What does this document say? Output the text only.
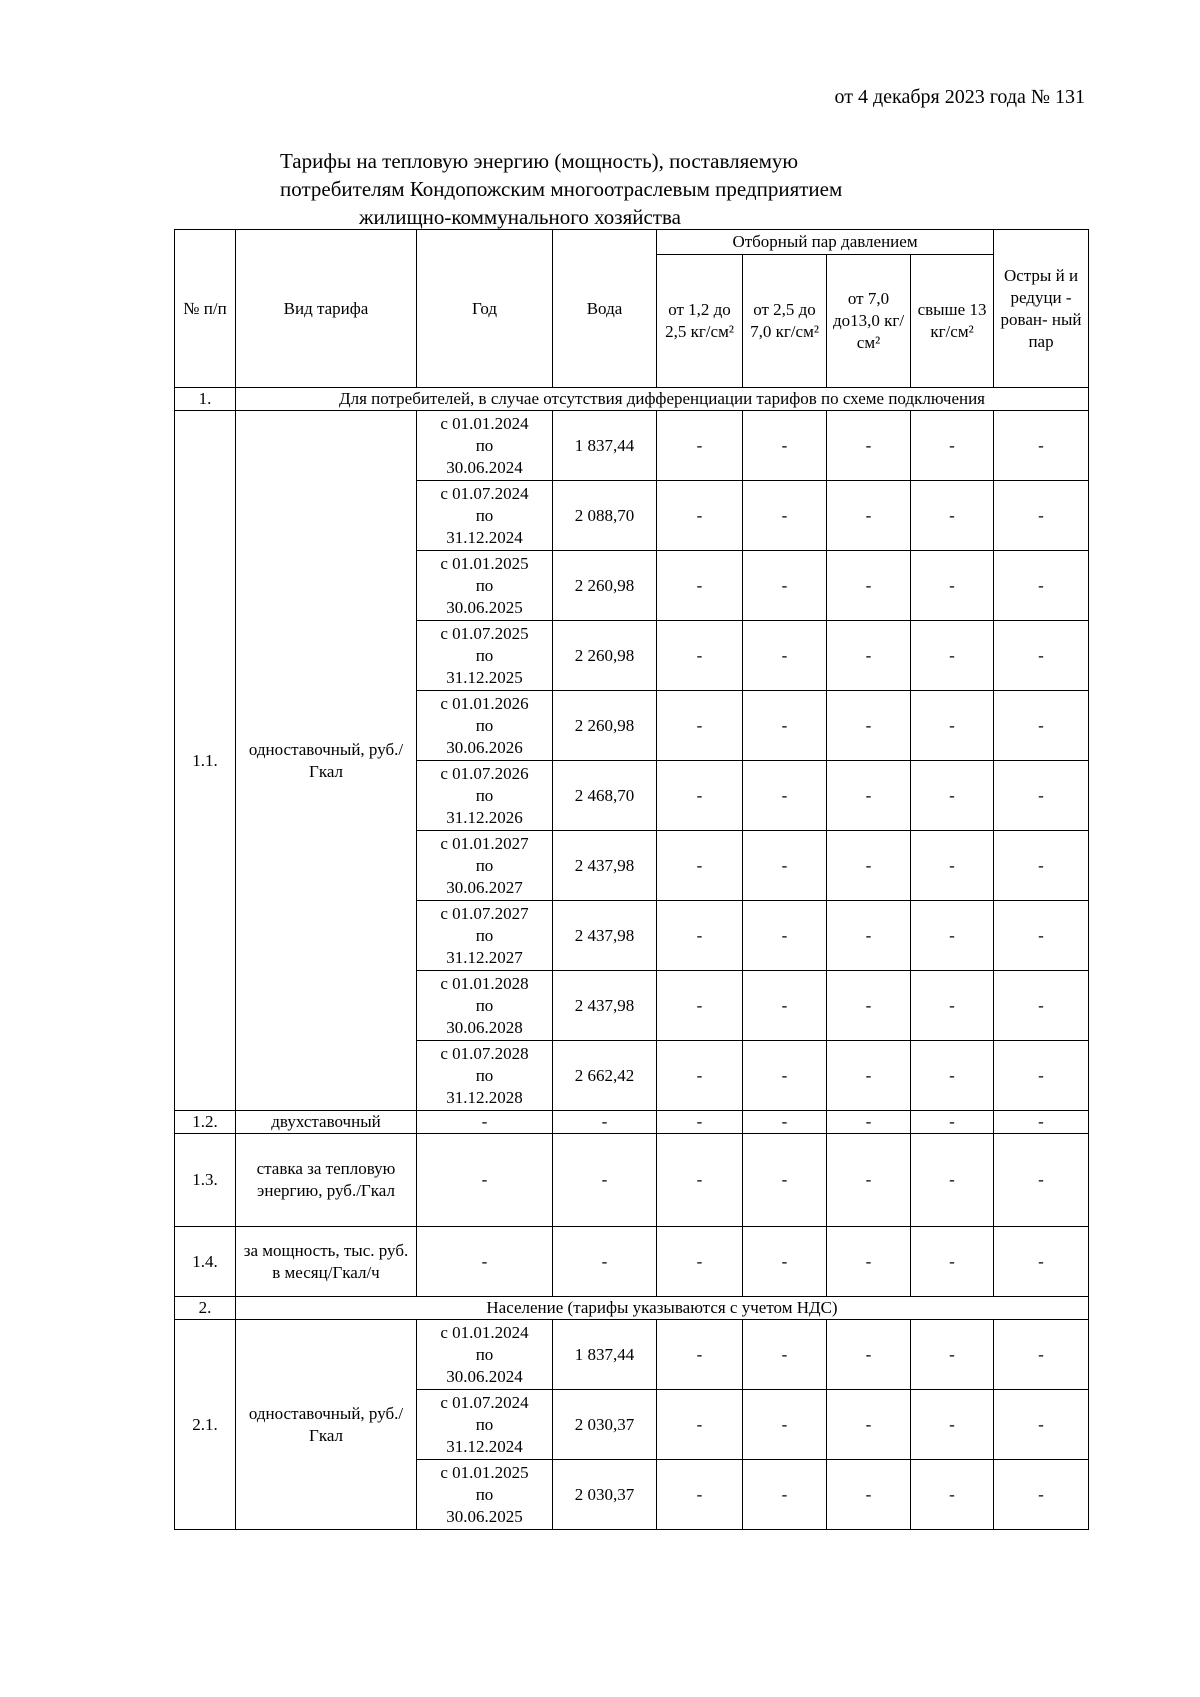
от 4 декабря 2023 года № 131
Тарифы на тепловую энергию (мощность), поставляемую
потребителям Кондопожским многоотраслевым предприятием
жилищно-коммунального хозяйства
№ п/п	Вид тарифа	Год	Вода	Отборный пар давлением				Остры й и редуци - рован- ный пар
				от 1,2 до 2,5 кг/см²	от 2,5 до 7,0 кг/см²	от 7,0 до13,0 кг/см²	свыше 13 кг/см²	
1.	Для потребителей, в случае отсутствия дифференциации тарифов по схеме подключения							
1.1.	одноставочный, руб./Гкал	с 01.01.2024
по
30.06.2024	1 837,44	-	-	-	-	-

		с 01.07.2024
по
31.12.2024	2 088,70	-	-	-	-	-

		с 01.01.2025
по
30.06.2025	2 260,98	-	-	-	-	-

		с 01.07.2025
по
31.12.2025	2 260,98	-	-	-	-	-

		с 01.01.2026
по
30.06.2026	2 260,98	-	-	-	-	-

		с 01.07.2026
по
31.12.2026	2 468,70	-	-	-	-	-

		с 01.01.2027
по
30.06.2027	2 437,98	-	-	-	-	-

		с 01.07.2027
по
31.12.2027	2 437,98	-	-	-	-	-

		с 01.01.2028
по
30.06.2028	2 437,98	-	-	-	-	-

		с 01.07.2028
по
31.12.2028	2 662,42	-	-	-	-	-
1.2.	двухставочный	-	-	-	-	-	-	-
1.3.	ставка за тепловую энергию, руб./Гкал	-	-	-	-	-	-	-
1.4.	за мощность, тыс. руб. в месяц/Гкал/ч	-	-	-	-	-	-	-
2.	Население (тарифы указываются с учетом НДС)							
2.1.	одноставочный, руб./Гкал	с 01.01.2024
по
30.06.2024	1 837,44	-	-	-	-	-

		с 01.07.2024
по
31.12.2024	2 030,37	-	-	-	-	-

		с 01.01.2025
по
30.06.2025	2 030,37	-	-	-	-	-
